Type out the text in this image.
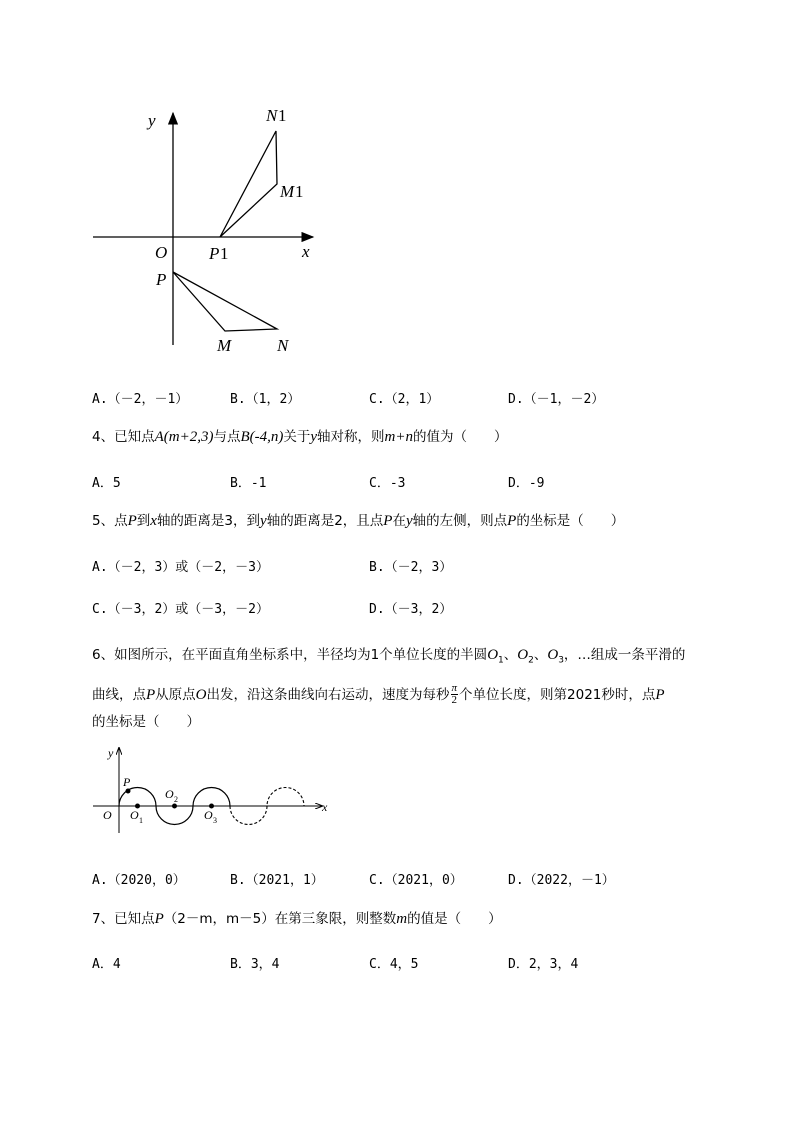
y
x
O
N 1
M 1
P 1
P
M	N
A.（－2，－1）	B.（1，2）	C.（2，1）	D.（－1，－2）
4、已知点A(m+2,3)与点B(-4,n)关于y轴对称，则m+n的值为（　　）
A．5	B．-1	C．-3	D．-9
5、点P到x轴的距离是3，到y轴的距离是2，且点P在y轴的左侧，则点P的坐标是（　　）
A.（－2，3）或（－2，－3）	B.（－2，3）
C.（－3，2）或（－3，－2）	D.（－3，2）
6、如图所示，在平面直角坐标系中，半径均为1个单位长度的半圆$O_1$、$O_2$、$O_3$，…组成一条平滑的
曲线，点P从原点O出发，沿这条曲线向右运动，速度为每秒 $\frac{\pi}{2}$ 个单位长度，则第2021秒时，点P
的坐标是（　　）
y
x
O
P
O 1
O 2
O 3
A.（2020，0）	B.（2021，1）	C.（2021，0）	D.（2022，－1）
7、已知点P（2－m，m－5）在第三象限，则整数m的值是（　　）
A．4	B．3，4	C．4，5	D．2，3，4
